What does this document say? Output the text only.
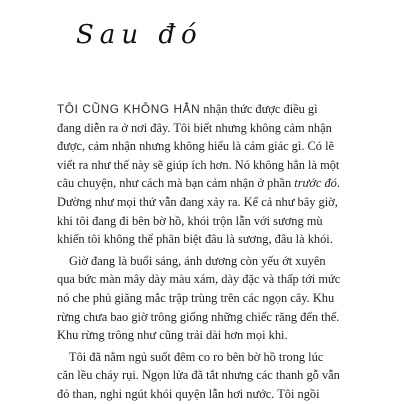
Sau đó

TÔI CŨNG KHÔNG HẲN nhận thức được điều gì
đang diễn ra ở nơi đây. Tôi biết nhưng không cảm nhận
được, cảm nhận nhưng không hiểu là cảm giác gì. Có lẽ
viết ra như thế này sẽ giúp ích hơn. Nó không hẳn là một
câu chuyện, như cách mà bạn cảm nhận ở phần trước đó.
Dường như mọi thứ vẫn đang xảy ra. Kể cả như bây giờ,
khi tôi đang đi bên bờ hồ, khói trộn lẫn với sương mù
khiến tôi không thể phân biệt đâu là sương, đâu là khói.

Giờ đang là buổi sáng, ánh dương còn yếu ớt xuyên
qua bức màn mây dày màu xám, dày đặc và thấp tới mức
nó che phủ giăng mắc trập trùng trên các ngọn cây. Khu
rừng chưa bao giờ trông giống những chiếc răng đến thế.
Khu rừng trông như cũng trải dài hơn mọi khi.

Tôi đã nằm ngủ suốt đêm co ro bên bờ hồ trong lúc
căn lều cháy rụi. Ngọn lửa đã tắt nhưng các thanh gỗ vẫn
đỏ than, nghi ngút khói quyện lẫn hơi nước. Tôi ngồi
